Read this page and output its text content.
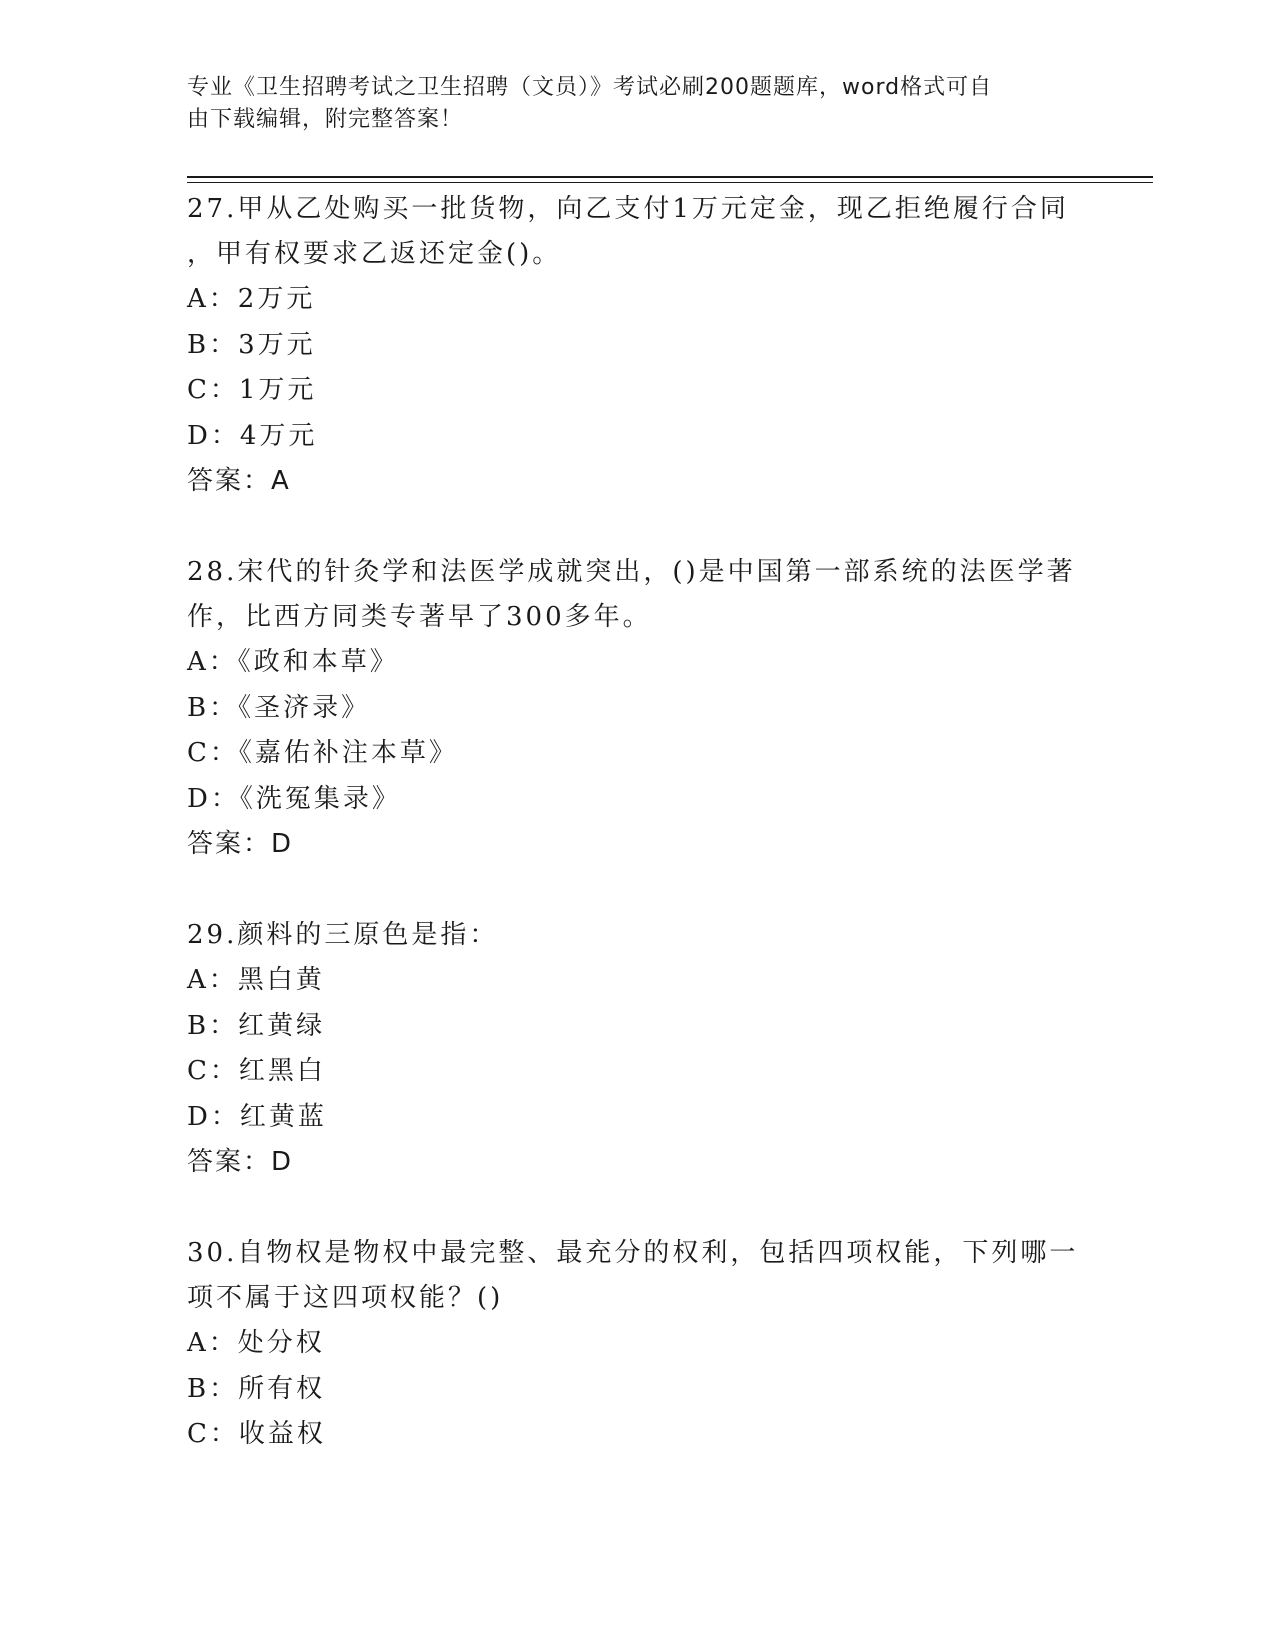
专业《卫生招聘考试之卫生招聘（文员）》考试必刷200题题库，word格式可自
由下载编辑，附完整答案！

27.甲从乙处购买一批货物，向乙支付1万元定金，现乙拒绝履行合同

，甲有权要求乙返还定金()。

A：2万元

B：3万元

C：1万元

D：4万元

答案：A

28.宋代的针灸学和法医学成就突出，()是中国第一部系统的法医学著

作，比西方同类专著早了300多年。

A：《政和本草》

B：《圣济录》

C：《嘉佑补注本草》

D：《洗冤集录》

答案：D

29.颜料的三原色是指：

A：黑白黄

B：红黄绿

C：红黑白

D：红黄蓝

答案：D

30.自物权是物权中最完整、最充分的权利，包括四项权能，下列哪一

项不属于这四项权能？()

A：处分权

B：所有权

C：收益权
